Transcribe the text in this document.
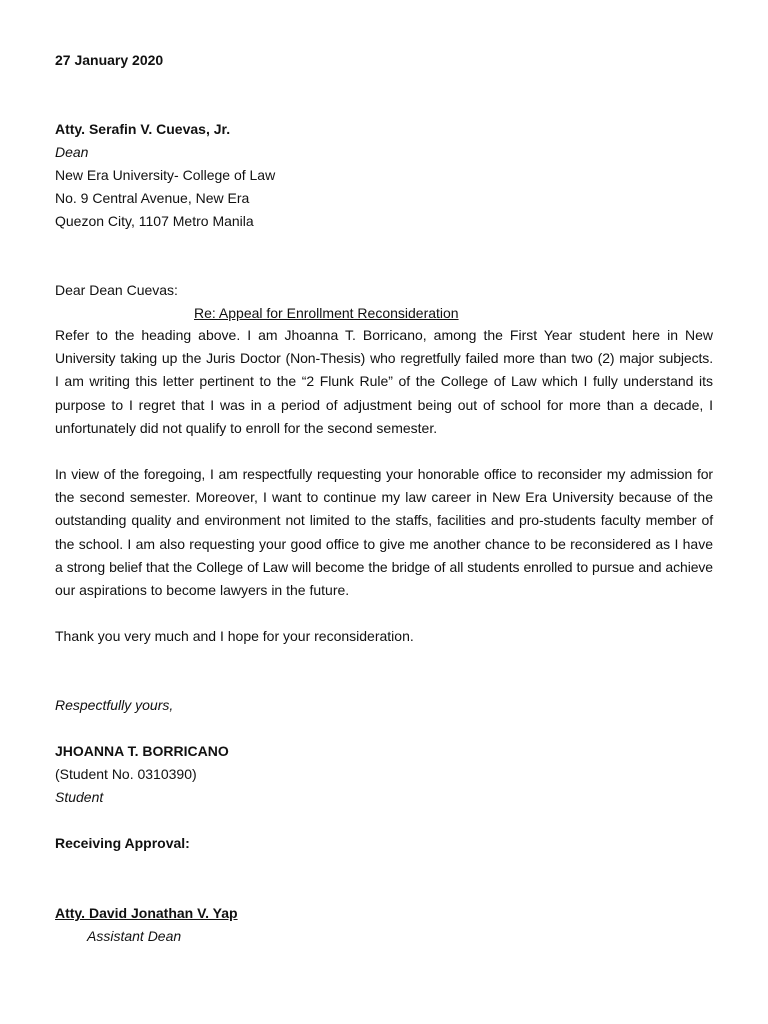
27 January 2020
Atty. Serafin V. Cuevas, Jr.
Dean
New Era University- College of Law
No. 9 Central Avenue, New Era
Quezon City, 1107 Metro Manila
Dear Dean Cuevas:
Re: Appeal for Enrollment Reconsideration
Refer to the heading above. I am Jhoanna T. Borricano, among the First Year student here in New
University taking up the Juris Doctor (Non-Thesis) who regretfully failed more than two (2) major subjects.
I am writing this letter pertinent to the “2 Flunk Rule” of the College of Law which I fully understand its
purpose to I regret that I was in a period of adjustment being out of school for more than a decade, I
unfortunately did not qualify to enroll for the second semester.
In view of the foregoing, I am respectfully requesting your honorable office to reconsider my admission for
the second semester. Moreover, I want to continue my law career in New Era University because of the
outstanding quality and environment not limited to the staffs, facilities and pro-students faculty member of
the school. I am also requesting your good office to give me another chance to be reconsidered as I have
a strong belief that the College of Law will become the bridge of all students enrolled to pursue and achieve
our aspirations to become lawyers in the future.
Thank you very much and I hope for your reconsideration.
Respectfully yours,
JHOANNA T. BORRICANO
(Student No. 0310390)
Student
Receiving Approval:
Atty. David Jonathan V. Yap
Assistant Dean
